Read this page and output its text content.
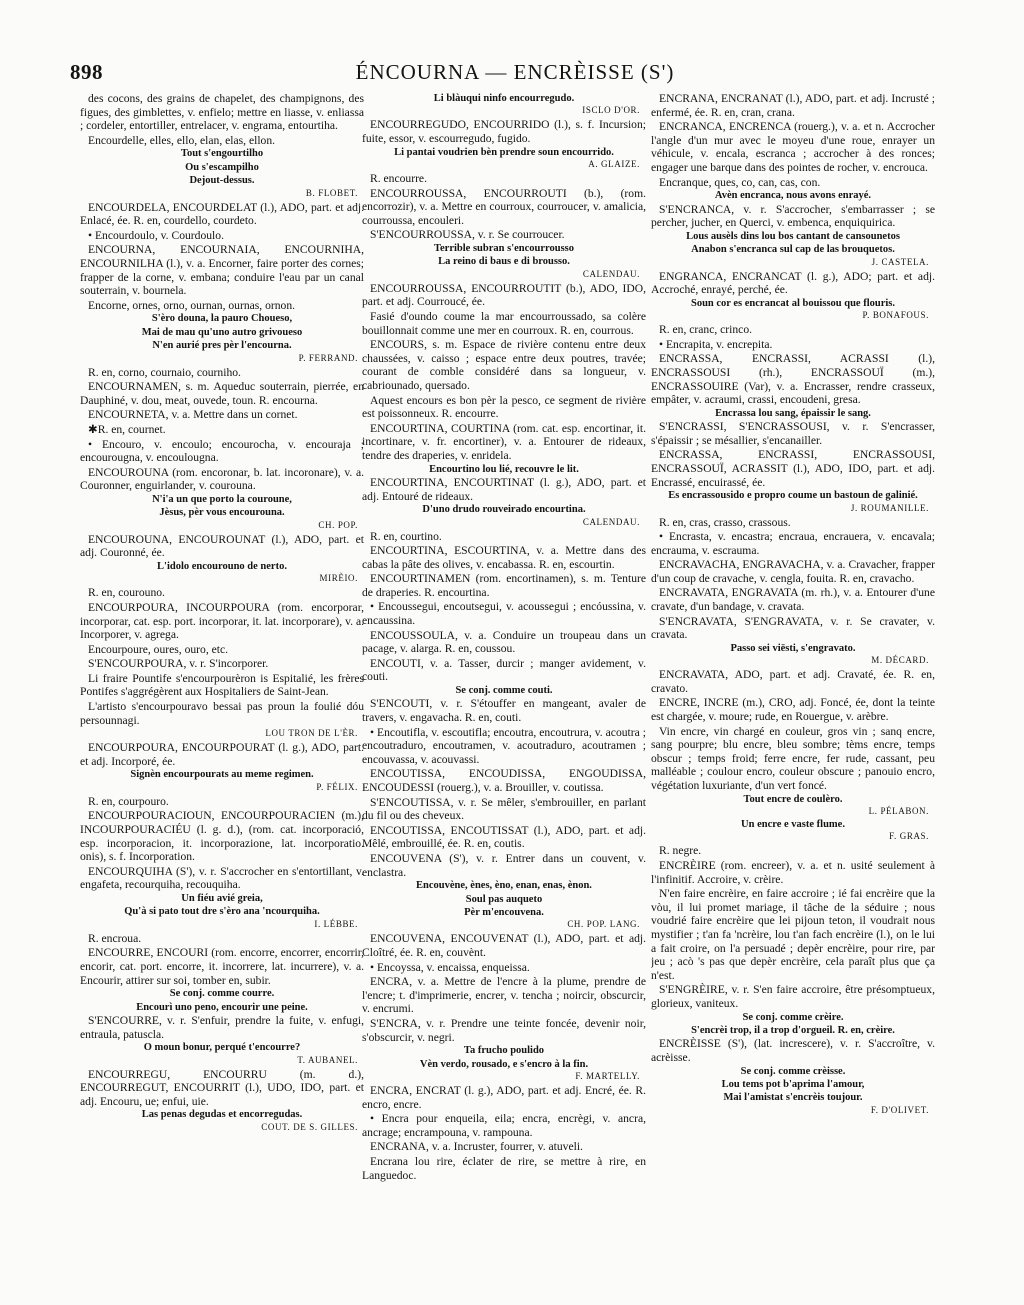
898	ÉNCOURNA — ENCRÈISSE (S')

des cocons, des grains de chapelet, des champignons, des figues, des gimblettes, v. enfielo; mettre en liasse, v. enliassa ; cordeler, entortiller, entrelacer, v. engrama, entourtiha.

Encourdelle, elles, ello, elan, elas, ellon.

Tout s'engourtilho

Ou s'escampilho

Dejout-dessus.

B. FLOBET.

ENCOURDELA, ENCOURDELAT (l.), ADO, part. et adj. Enlacé, ée. R. en, courdello, courdeto.

• Encourdoulo, v. Courdoulo.

ENCOURNA, ENCOURNAIA, ENCOURNIHA, ENCOURNILHA (l.), v. a. Encorner, faire porter des cornes; frapper de la corne, v. embana; conduire l'eau par un canal souterrain, v. bournela.

Encorne, ornes, orno, ournan, ournas, ornon.

S'èro douna, la pauro Choueso,

Mai de mau qu'uno autro grivoueso

N'en aurié pres pèr l'encourna.

P. FERRAND.

R. en, corno, cournaio, courniho.

ENCOURNAMEN, s. m. Aqueduc souterrain, pierrée, en Dauphiné, v. dou, meat, ouvede, toun. R. encourna.

ENCOURNETA, v. a. Mettre dans un cornet.

✱R. en, cournet.

• Encouro, v. encoulo; encourocha, v. encouraja ; encourougna, v. encoulougna.

ENCOUROUNA (rom. encoronar, b. lat. incoronare), v. a. Couronner, enguirlander, v. courouna.

N'i'a un que porto la couroune,

Jèsus, pèr vous encourouna.

CH. POP.

ENCOUROUNA, ENCOUROUNAT (l.), ADO, part. et adj. Couronné, ée.

L'idolo encourouno de nerto.

MIRÈIO.

R. en, courouno.

ENCOURPOURA, INCOURPOURA (rom. encorporar, incorporar, cat. esp. port. incorporar, it. lat. incorporare), v. a. Incorporer, v. agrega.

Encourpoure, oures, ouro, etc.

S'ENCOURPOURA, v. r. S'incorporer.

Li fraire Pountife s'encourpourèron is Espitalié, les frères Pontifes s'aggrégèrent aux Hospitaliers de Saint-Jean.

L'artisto s'encourpouravo bessai pas proun la foulié dóu persounnagi.

LOU TRON DE L'ÈR.

ENCOURPOURA, ENCOURPOURAT (l. g.), ADO, part. et adj. Incorporé, ée.

Signèn encourpourats au meme regimen.

P. FÉLIX.

R. en, courpouro.

ENCOURPOURACIOUN, ENCOURPOURACIEN (m.), INCOURPOURACIÉU (l. g. d.), (rom. cat. incorporació, esp. incorporacion, it. incorporazione, lat. incorporatio. onis), s. f. Incorporation.

ENCOURQUIHA (S'), v. r. S'accrocher en s'entortillant, v. engafeta, recourquiha, recouquiha.

Un fiéu avié greia,

Qu'à si pato tout dre s'èro ana 'ncourquiha.

I. LÉBBE.

R. encroua.

ENCOURRE, ENCOURI (rom. encorre, encorrer, encorrir, encorir, cat. port. encorre, it. incorrere, lat. incurrere), v. a. Encourir, attirer sur soi, tomber en, subir.

Se conj. comme courre.

Encourì uno peno, encourir une peine.

S'ENCOURRE, v. r. S'enfuir, prendre la fuite, v. enfugi, entraula, patuscla.

O moun bonur, perqué t'encourre?

T. AUBANEL.

ENCOURREGU, ENCOURRU (m. d.), ENCOURREGUT, ENCOURRIT (l.), UDO, IDO, part. et adj. Encouru, ue; enfui, uie.

Las penas degudas et encorregudas.

COUT. DE S. GILLES.

Li blàuqui ninfo encourregudo.

ISCLO D'OR.

ENCOURREGUDO, ENCOURRIDO (l.), s. f. Incursion; fuite, essor, v. escourregudo, fugido.

Li pantai voudrien bèn prendre soun encourrido.

A. GLAIZE.

R. encourre.

ENCOURROUSSA, ENCOURROUTI (b.), (rom. encorrozir), v. a. Mettre en courroux, courroucer, v. amalicia, courroussa, encouleri.

S'ENCOURROUSSA, v. r. Se courroucer.

Terrible subran s'encourrousso

La reino di baus e di brousso.

CALENDAU.

ENCOURROUSSA, ENCOURROUTIT (b.), ADO, IDO, part. et adj. Courroucé, ée.

Fasié d'oundo coume la mar encourroussado, sa colère bouillonnait comme une mer en courroux. R. en, courrous.

ENCOURS, s. m. Espace de rivière contenu entre deux chaussées, v. caisso ; espace entre deux poutres, travée; courant de comble considéré dans sa longueur, v. cabriounado, quersado.

Aquest encours es bon pèr la pesco, ce segment de rivière est poissonneux. R. encourre.

ENCOURTINA, COURTINA (rom. cat. esp. encortinar, it. incortinare, v. fr. encortiner), v. a. Entourer de rideaux, tendre des draperies, v. enridela.

Encourtino lou lié, recouvre le lit.

ENCOURTINA, ENCOURTINAT (l. g.), ADO, part. et adj. Entouré de rideaux.

D'uno drudo rouveirado encourtina.

CALENDAU.

R. en, courtino.

ENCOURTINA, ESCOURTINA, v. a. Mettre dans des cabas la pâte des olives, v. encabassa. R. en, escourtin.

ENCOURTINAMEN (rom. encortinamen), s. m. Tenture de draperies. R. encourtina.

• Encoussegui, encoutsegui, v. acoussegui ; encóussina, v. encaussina.

ENCOUSSOULA, v. a. Conduire un troupeau dans un pacage, v. alarga. R. en, coussou.

ENCOUTI, v. a. Tasser, durcir ; manger avidement, v. couti.

Se conj. comme couti.

S'ENCOUTI, v. r. S'étouffer en mangeant, avaler de travers, v. engavacha. R. en, couti.

• Encoutifla, v. escoutifla; encoutra, encoutrura, v. acoutra ; encoutraduro, encoutramen, v. acoutraduro, acoutramen ; encouvassa, v. acouvassi.

ENCOUTISSA, ENCOUDISSA, ENGOUDISSA, ENCOUDESSI (rouerg.), v. a. Brouiller, v. coutissa.

S'ENCOUTISSA, v. r. Se mêler, s'embrouiller, en parlant du fil ou des cheveux.

ENCOUTISSA, ENCOUTISSAT (l.), ADO, part. et adj. Mêlé, embrouillé, ée. R. en, coutis.

ENCOUVENA (S'), v. r. Entrer dans un couvent, v. enclastra.

Encouvène, ènes, èno, enan, enas, ènon.

Soul pas auqueto

Pèr m'encouvena.

CH. POP. LANG.

ENCOUVENA, ENCOUVENAT (l.), ADO, part. et adj. Cloîtré, ée. R. en, couvènt.

• Encoyssa, v. encaissa, enqueissa.

ENCRA, v. a. Mettre de l'encre à la plume, prendre de l'encre; t. d'imprimerie, encrer, v. tencha ; noircir, obscurcir, v. encrumi.

S'ENCRA, v. r. Prendre une teinte foncée, devenir noir, s'obscurcir, v. negri.

Ta frucho poulido

Vèn verdo, rousado, e s'encro à la fin.

F. MARTELLY.

ENCRA, ENCRAT (l. g.), ADO, part. et adj. Encré, ée. R. encro, encre.

• Encra pour enqueila, eila; encra, encrègi, v. ancra, ancrage; encrampouna, v. rampouna.

ENCRANA, v. a. Incruster, fourrer, v. atuveli.

Encrana lou rire, éclater de rire, se mettre à rire, en Languedoc.

ENCRANA, ENCRANAT (l.), ADO, part. et adj. Incrusté ; enfermé, ée. R. en, cran, crana.

ENCRANCA, ENCRENCA (rouerg.), v. a. et n. Accrocher l'angle d'un mur avec le moyeu d'une roue, enrayer un véhicule, v. encala, escranca ; accrocher à des ronces; engager une barque dans des pointes de rocher, v. encrouca.

Encranque, ques, co, can, cas, con.

Avèn encranca, nous avons enrayé.

S'ENCRANCA, v. r. S'accrocher, s'embarrasser ; se percher, jucher, en Querci, v. embenca, enquiquirica.

Lous ausèls dins lou bos cantant de cansounetos

Anabon s'encranca sul cap de las brouquetos.

J. CASTELA.

ENGRANCA, ENCRANCAT (l. g.), ADO; part. et adj. Accroché, enrayé, perché, ée.

Soun cor es encrancat al bouissou que flouris.

P. BONAFOUS.

R. en, cranc, crinco.

• Encrapita, v. encrepita.

ENCRASSA, ENCRASSI, ACRASSI (l.), ENCRASSOUSI (rh.), ENCRASSOUÏ (m.), ENCRASSOUIRE (Var), v. a. Encrasser, rendre crasseux, empâter, v. acraumi, crassi, encoudeni, gresa.

Encrassa lou sang, épaissir le sang.

S'ENCRASSI, S'ENCRASSOUSI, v. r. S'encrasser, s'épaissir ; se mésallier, s'encanailler.

ENCRASSA, ENCRASSI, ENCRASSOUSI, ENCRASSOUÏ, ACRASSIT (l.), ADO, IDO, part. et adj. Encrassé, encuirassé, ée.

Es encrassousido e propro coume un bastoun de galinié.

J. ROUMANILLE.

R. en, cras, crasso, crassous.

• Encrasta, v. encastra; encraua, encrauera, v. encavala; encrauma, v. escrauma.

ENCRAVACHA, ENGRAVACHA, v. a. Cravacher, frapper d'un coup de cravache, v. cengla, fouita. R. en, cravacho.

ENCRAVATA, ENGRAVATA (m. rh.), v. a. Entourer d'une cravate, d'un bandage, v. cravata.

S'ENCRAVATA, S'ENGRAVATA, v. r. Se cravater, v. cravata.

Passo sei viësti, s'engravato.

M. DÉCARD.

ENCRAVATA, ADO, part. et adj. Cravaté, ée. R. en, cravato.

ENCRE, INCRE (m.), CRO, adj. Foncé, ée, dont la teinte est chargée, v. moure; rude, en Rouergue, v. arèbre.

Vin encre, vin chargé en couleur, gros vin ; sanq encre, sang pourpre; blu encre, bleu sombre; tèms encre, temps obscur ; temps froid; ferre encre, fer rude, cassant, peu malléable ; coulour encro, couleur obscure ; panouio encro, végétation luxuriante, d'un vert foncé.

Tout encre de coulèro.

L. PÉLABON.

Un encre e vaste flume.

F. GRAS.

R. negre.

ENCRÈIRE (rom. encreer), v. a. et n. usité seulement à l'infinitif. Accroire, v. crèire.

N'en faire encrèire, en faire accroire ; ié fai encrèire que la vòu, il lui promet mariage, il tâche de la séduire ; nous voudrié faire encrèire que lei pijoun teton, il voudrait nous mystifier ; t'an fa 'ncrèire, lou t'an fach encrèire (l.), on le lui a fait croire, on l'a persuadé ; depèr encrèire, pour rire, par jeu ; acò 's pas que depèr encrèire, cela paraît plus que ça n'est.

S'ENGRÈIRE, v. r. S'en faire accroire, être présomptueux, glorieux, vaniteux.

Se conj. comme crèire.

S'encrèi trop, il a trop d'orgueil. R. en, crèire.

ENCRÈISSE (S'), (lat. increscere), v. r. S'accroître, v. acrèisse.

Se conj. comme crèisse.

Lou tems pot b'aprima l'amour,

Mai l'amistat s'encrèis toujour.

F. D'OLIVET.
